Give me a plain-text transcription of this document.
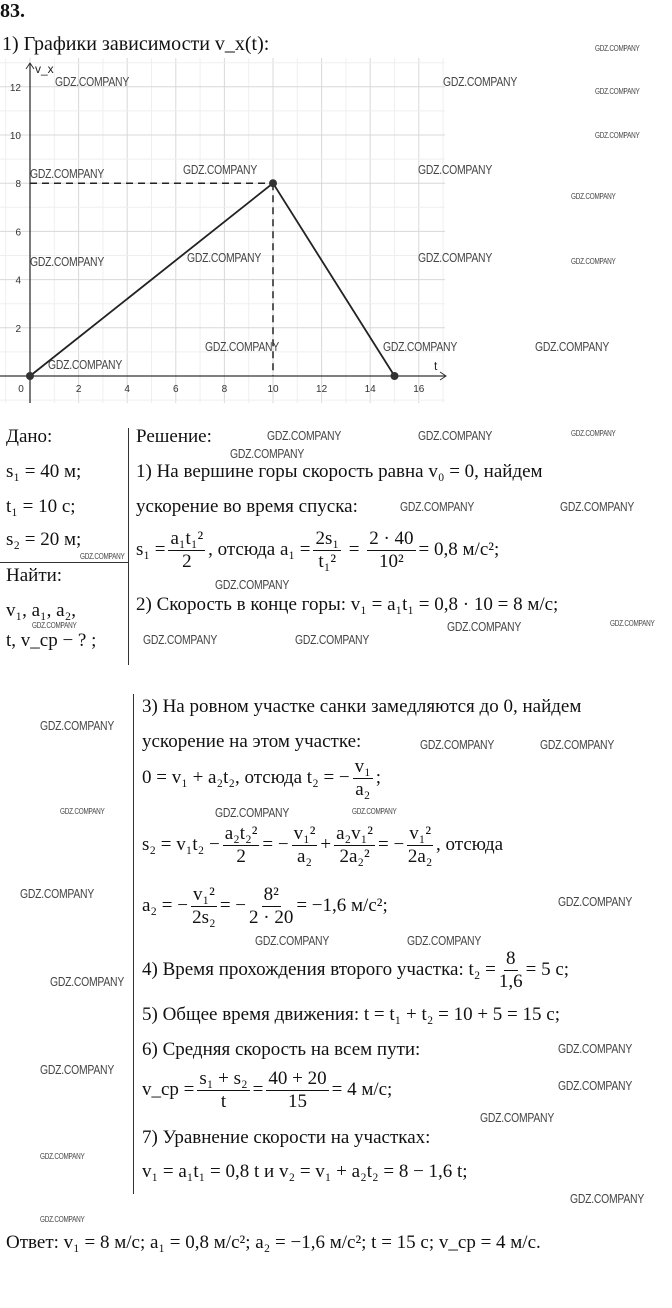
83.
1) Графики зависимости v_x(t):
0	2	4	6	8	10	12	14	16
2
4
6
8
10
12
v_x
t
Дано:
s₁ = 40 м;
t₁ = 10 с;
s₂ = 20 м;
Найти:
v₁, a₁, a₂,
t, v_ср − ? ;
Решение:
1) На вершине горы скорость равна v₀ = 0, найдем
ускорение во время спуска:
$s_1 = \frac{\text{a₁t₁²}}{2}$ , отсюда $a_1 = \frac{\text{2s₁}}{\text{t₁²}} = \frac{2 \cdot 40}{\text{10²}} = 0,8$ м/с²;
2) Скорость в конце горы: v₁ = a₁t₁ = 0,8 · 10 = 8 м/с;
3) На ровном участке санки замедляются до 0, найдем
ускорение на этом участке:
0 = v₁ + a₂t₂, отсюда t₂ = − $\frac{\text{v₁}}{\text{a₂}}$ ;
$s_2 = v_1t_2 - \frac{\text{a₂t₂²}}{2}$ = − $\frac{\text{v₁²}}{\text{a₂}} + \frac{\text{a₂v₁²}}{\text{2a₂²}}$ = − $\frac{\text{v₁²}}{\text{2a₂}}$ , отсюда
a₂ = − $\frac{\text{v₁²}}{\text{2s₂}}$ = − $\frac{\text{8²}}{2 \cdot 20} = -1,6$ м/с²;
4) Время прохождения второго участка: $t_2 = \frac{8}{1,6} = 5$ с;
5) Общее время движения: t = t₁ + t₂ = 10 + 5 = 15 с;
6) Средняя скорость на всем пути:
v_ср = $\frac{\text{s₁ + s₂}}{t} = \frac{40 + 20}{15} = 4$ м/с;
7) Уравнение скорости на участках:
v₁ = a₁t₁ = 0,8 t и v₂ = v₁ + a₂t₂ = 8 − 1,6 t;
Ответ: v₁ = 8 м/с; a₁ = 0,8 м/с²; a₂ = −1,6 м/с²; t = 15 с; v_ср = 4 м/с.
GDZ.COMPANY	GDZ.COMPANY
GDZ.COMPANY
GDZ.COMPANY	GDZ.COMPANY
GDZ.COMPANY	GDZ.COMPANY	GDZ.COMPANY
GDZ.COMPANY	GDZ.COMPANY	GDZ.COMPANY
GDZ.COMPANY
GDZ.COMPANY	GDZ.COMPANY
GDZ.COMPANY
GDZ.COMPANY	GDZ.COMPANY
GDZ.COMPANY
GDZ.COMPANY
GDZ.COMPANY	GDZ.COMPANY
GDZ.COMPANY
GDZ.COMPANY	GDZ.COMPANY
GDZ.COMPANY
GDZ.COMPANY
GDZ.COMPANY
GDZ.COMPANY
GDZ.COMPANY
GDZ.COMPANY
GDZ.COMPANY
GDZ.COMPANY
GDZ.COMPANY
GDZ.COMPANY
GDZ.COMPANY
GDZ.COMPANY
GDZ.COMPANY
GDZ.COMPANY
GDZ.COMPANY
GDZ.COMPANY
GDZ.COMPANY
GDZ.COMPANY
GDZ.COMPANY
GDZ.COMPANY
GDZ.COMPANY	GDZ.COMPANY
GDZ.COMPANY
GDZ.COMPANY
